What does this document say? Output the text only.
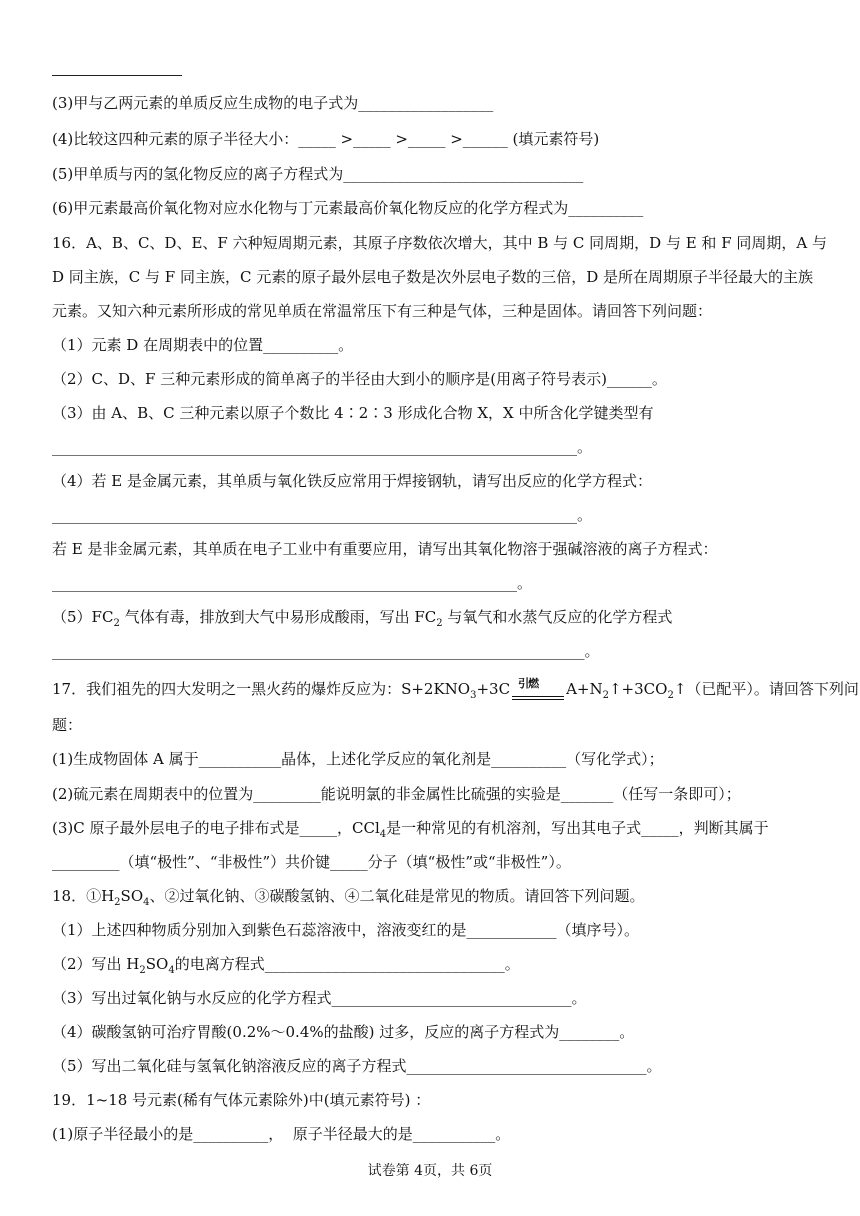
(3)甲与乙两元素的单质反应生成物的电子式为__________________
(4)比较这四种元素的原子半径大小：_____ >_____ >_____ >______ (填元素符号)
(5)甲单质与丙的氢化物反应的离子方程式为________________________________
(6)甲元素最高价氧化物对应水化物与丁元素最高价氧化物反应的化学方程式为__________
16．A、B、C、D、E、F 六种短周期元素，其原子序数依次增大，其中 B 与 C 同周期，D 与 E 和 F 同周期，A 与
D 同主族，C 与 F 同主族，C 元素的原子最外层电子数是次外层电子数的三倍，D 是所在周期原子半径最大的主族
元素。又知六种元素所形成的常见单质在常温常压下有三种是气体，三种是固体。请回答下列问题：
（1）元素 D 在周期表中的位置__________。
（2）C、D、F 三种元素形成的简单离子的半径由大到小的顺序是(用离子符号表示)______。
（3）由 A、B、C 三种元素以原子个数比 4∶2∶3 形成化合物 X，X 中所含化学键类型有
______________________________________________________________________。
（4）若 E 是金属元素，其单质与氧化铁反应常用于焊接钢轨，请写出反应的化学方程式：
______________________________________________________________________。
若 E 是非金属元素，其单质在电子工业中有重要应用，请写出其氧化物溶于强碱溶液的离子方程式：
______________________________________________________________。
$(5)FC_2$ 气体有毒，排放到大气中易形成酸雨，写出 $FC_2$ 与氧气和水蒸气反应的化学方程式
_______________________________________________________________________。
17．我们祖先的四大发明之一黑火药的爆炸反应为：$S+2KNO_3+3C$ 引燃 $A+N_2↑+3CO_2↑$（已配平）。请回答下列问
题：
(1)生成物固体 A 属于___________晶体，上述化学反应的氧化剂是__________（写化学式）；
(2)硫元素在周期表中的位置为_________能说明氯的非金属性比硫强的实验是_______（任写一条即可）；
(3)C 原子最外层电子的电子排布式是_____，CCl$_4$是一种常见的有机溶剂，写出其电子式_____，判断其属于
_________（填“极性”、“非极性”）共价键_____分子（填“极性”或“非极性”）。
18．$①H_2SO_4$、②过氧化钠、③碳酸氢钠、④二氧化硅是常见的物质。请回答下列问题。
（1）上述四种物质分别加入到紫色石蕊溶液中，溶液变红的是____________（填序号）。
（2）写出 $H_2SO_4$的电离方程式________________________________。
（3）写出过氧化钠与水反应的化学方程式________________________________。
（4）碳酸氢钠可治疗胃酸(0.2%～0.4%的盐酸) 过多，反应的离子方程式为________。
（5）写出二氧化硅与氢氧化钠溶液反应的离子方程式________________________________。
19．1~18 号元素(稀有气体元素除外)中(填元素符号) ：
(1)原子半径最小的是__________，  原子半径最大的是___________。
试卷第 4页，共 6页
